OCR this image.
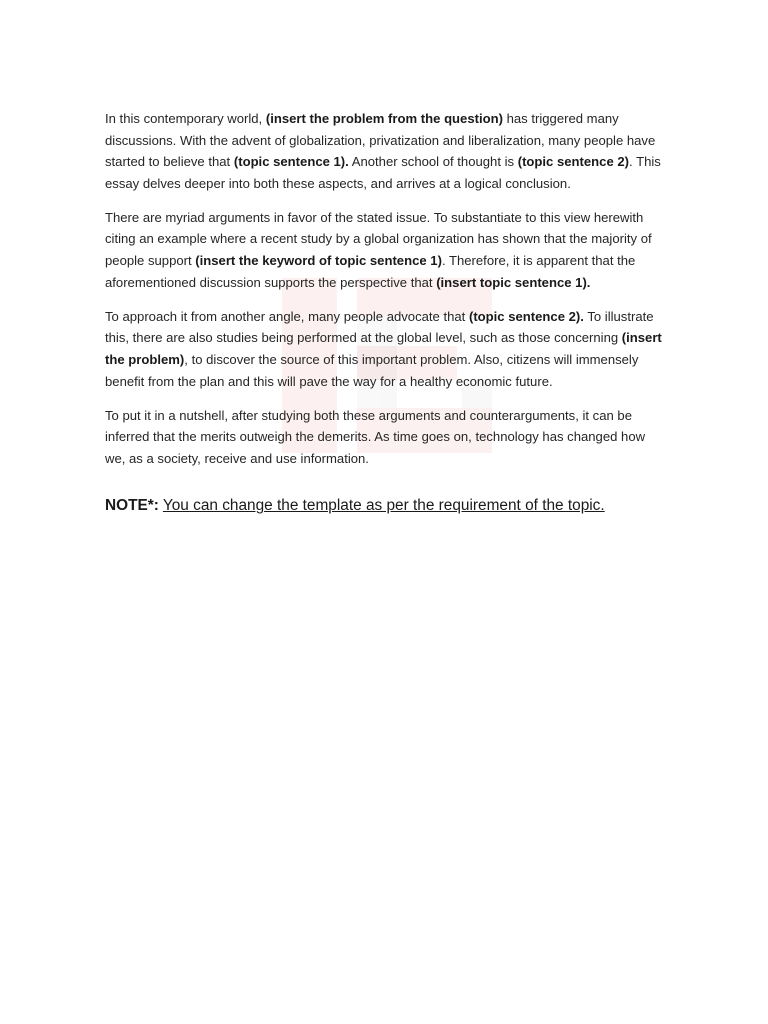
In this contemporary world, (insert the problem from the question) has triggered many discussions. With the advent of globalization, privatization and liberalization, many people have started to believe that (topic sentence 1). Another school of thought is (topic sentence 2). This essay delves deeper into both these aspects, and arrives at a logical conclusion.

There are myriad arguments in favor of the stated issue. To substantiate to this view herewith citing an example where a recent study by a global organization has shown that the majority of people support (insert the keyword of topic sentence 1). Therefore, it is apparent that the aforementioned discussion supports the perspective that (insert topic sentence 1).

To approach it from another angle, many people advocate that (topic sentence 2). To illustrate this, there are also studies being performed at the global level, such as those concerning (insert the problem), to discover the source of this important problem. Also, citizens will immensely benefit from the plan and this will pave the way for a healthy economic future.

To put it in a nutshell, after studying both these arguments and counterarguments, it can be inferred that the merits outweigh the demerits. As time goes on, technology has changed how we, as a society, receive and use information.

NOTE*: You can change the template as per the requirement of the topic.
